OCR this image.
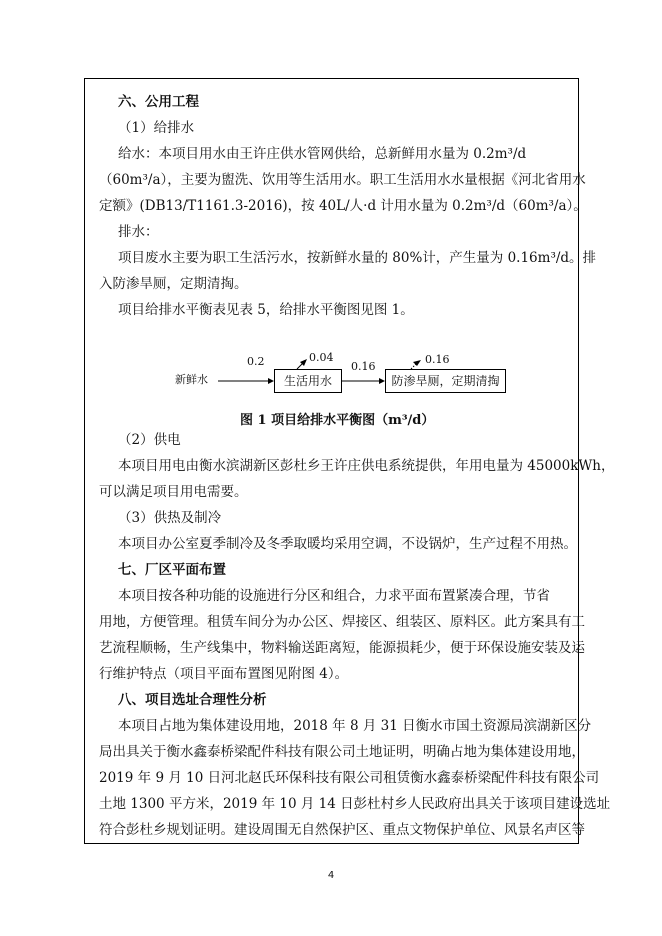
六、公用工程
（1）给排水
给水：本项目用水由王许庄供水管网供给，总新鲜用水量为 0.2m³/d
（60m³/a），主要为盥洗、饮用等生活用水。职工生活用水水量根据《河北省用水
定额》(DB13/T1161.3-2016)，按 40L/人·d 计用水量为 0.2m³/d（60m³/a）。
排水：
项目废水主要为职工生活污水，按新鲜水量的 80%计，产生量为 0.16m³/d。排
入防渗旱厕，定期清掏。
项目给排水平衡表见表 5，给排水平衡图见图 1。
新鲜水	生活用水	防渗旱厕，定期清掏
0.2	0.04
0.16
0.16
图 1 项目给排水平衡图（m³/d）
（2）供电
本项目用电由衡水滨湖新区彭杜乡王许庄供电系统提供，年用电量为 45000kWh，
可以满足项目用电需要。
（3）供热及制冷
本项目办公室夏季制冷及冬季取暖均采用空调，不设锅炉，生产过程不用热。
七、厂区平面布置
本项目按各种功能的设施进行分区和组合，力求平面布置紧凑合理，节省
用地，方便管理。租赁车间分为办公区、焊接区、组装区、原料区。此方案具有工
艺流程顺畅，生产线集中，物料输送距离短，能源损耗少，便于环保设施安装及运
行维护特点（项目平面布置图见附图 4）。
八、项目选址合理性分析
本项目占地为集体建设用地，2018 年 8 月 31 日衡水市国土资源局滨湖新区分
局出具关于衡水鑫泰桥梁配件科技有限公司土地证明，明确占地为集体建设用地，
2019 年 9 月 10 日河北赵氏环保科技有限公司租赁衡水鑫泰桥梁配件科技有限公司
土地 1300 平方米，2019 年 10 月 14 日彭杜村乡人民政府出具关于该项目建设选址
符合彭杜乡规划证明。建设周围无自然保护区、重点文物保护单位、风景名声区等
4
